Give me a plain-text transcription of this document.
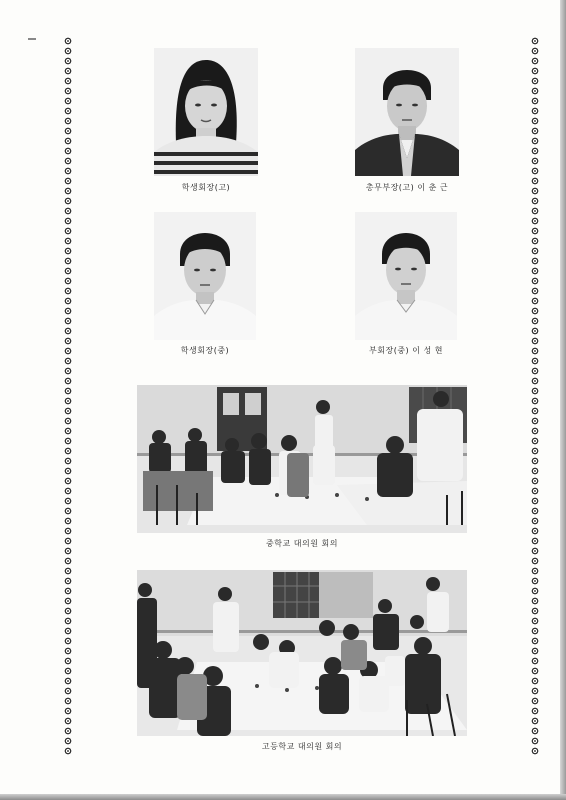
학생회장(고)	총무부장(고) 이 춘 근
학생회장(중)	부회장(중) 이 성 현
중학교 대의원 회의
고등학교 대의원 회의
